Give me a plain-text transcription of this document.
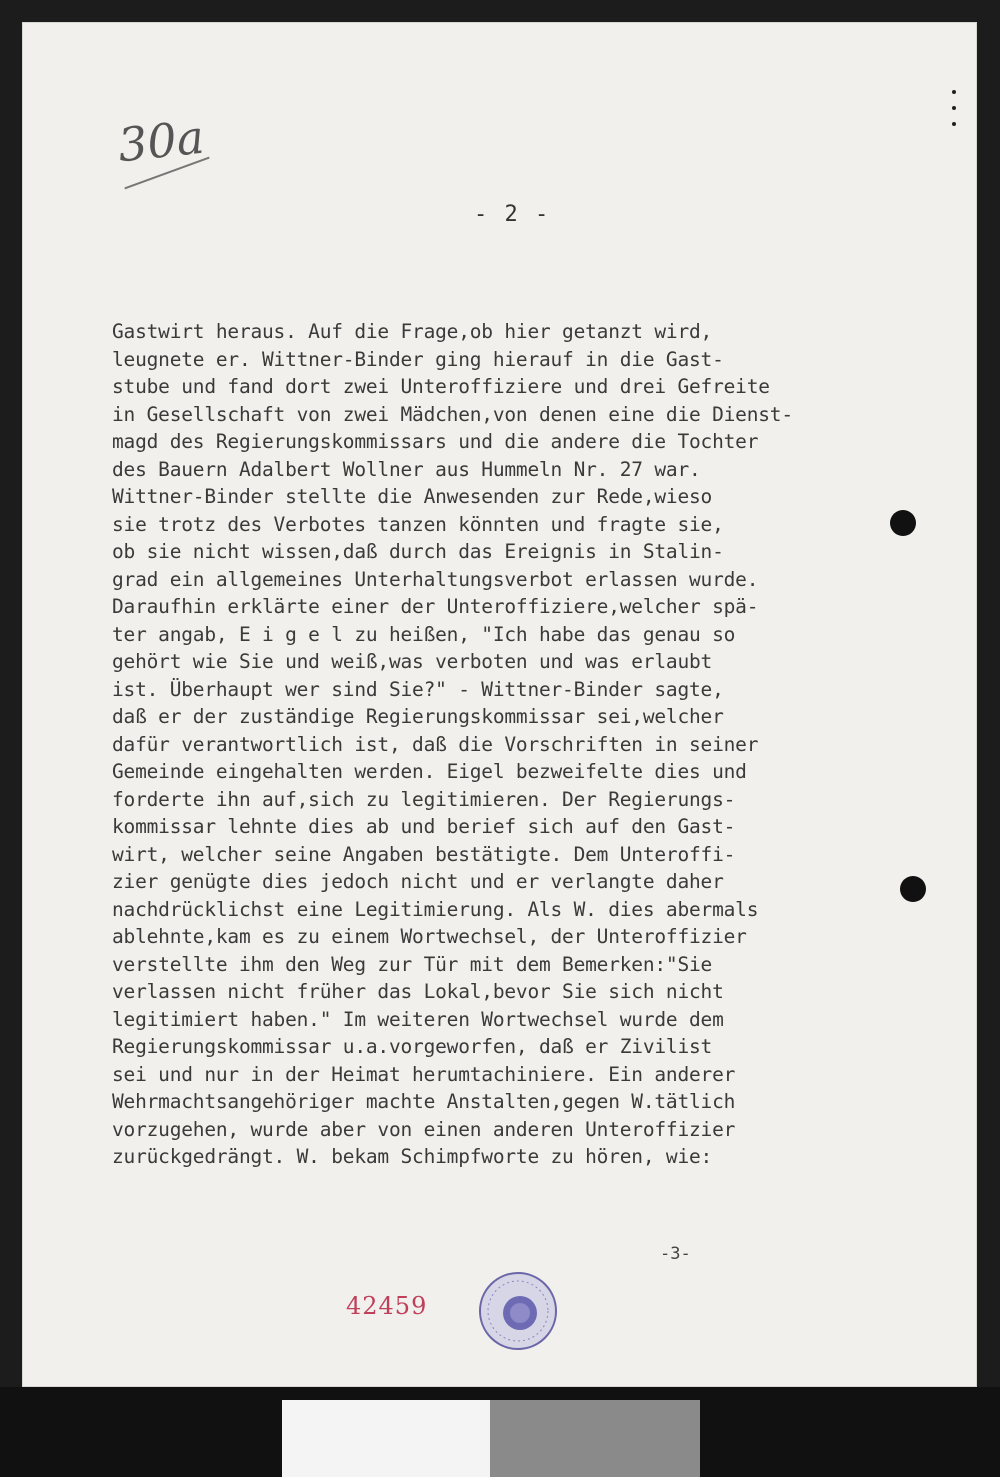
30a
- 2 -
Gastwirt heraus. Auf die Frage,ob hier getanzt wird,
leugnete er. Wittner-Binder ging hierauf in die Gast-
stube und fand dort zwei Unteroffiziere und drei Gefreite
in Gesellschaft von zwei Mädchen,von denen eine die Dienst-
magd des Regierungskommissars und die andere die Tochter
des Bauern Adalbert Wollner aus Hummeln Nr. 27 war.
Wittner-Binder stellte die Anwesenden zur Rede,wieso
sie trotz des Verbotes tanzen könnten und fragte sie,
ob sie nicht wissen,daß durch das Ereignis in Stalin-
grad ein allgemeines Unterhaltungsverbot erlassen wurde.
Daraufhin erklärte einer der Unteroffiziere,welcher spä-
ter angab, E i g e l zu heißen, "Ich habe das genau so
gehört wie Sie und weiß,was verboten und was erlaubt
ist. Überhaupt wer sind Sie?" - Wittner-Binder sagte,
daß er der zuständige Regierungskommissar sei,welcher
dafür verantwortlich ist, daß die Vorschriften in seiner
Gemeinde eingehalten werden. Eigel bezweifelte dies und
forderte ihn auf,sich zu legitimieren. Der Regierungs-
kommissar lehnte dies ab und berief sich auf den Gast-
wirt, welcher seine Angaben bestätigte. Dem Unteroffi-
zier genügte dies jedoch nicht und er verlangte daher
nachdrücklichst eine Legitimierung. Als W. dies abermals
ablehnte,kam es zu einem Wortwechsel, der Unteroffizier
verstellte ihm den Weg zur Tür mit dem Bemerken:"Sie
verlassen nicht früher das Lokal,bevor Sie sich nicht
legitimiert haben." Im weiteren Wortwechsel wurde dem
Regierungskommissar u.a.vorgeworfen, daß er Zivilist
sei und nur in der Heimat herumtachiniere. Ein anderer
Wehrmachtsangehöriger machte Anstalten,gegen W.tätlich
vorzugehen, wurde aber von einen anderen Unteroffizier
zurückgedrängt. W. bekam Schimpfworte zu hören, wie:
-3-
42459
